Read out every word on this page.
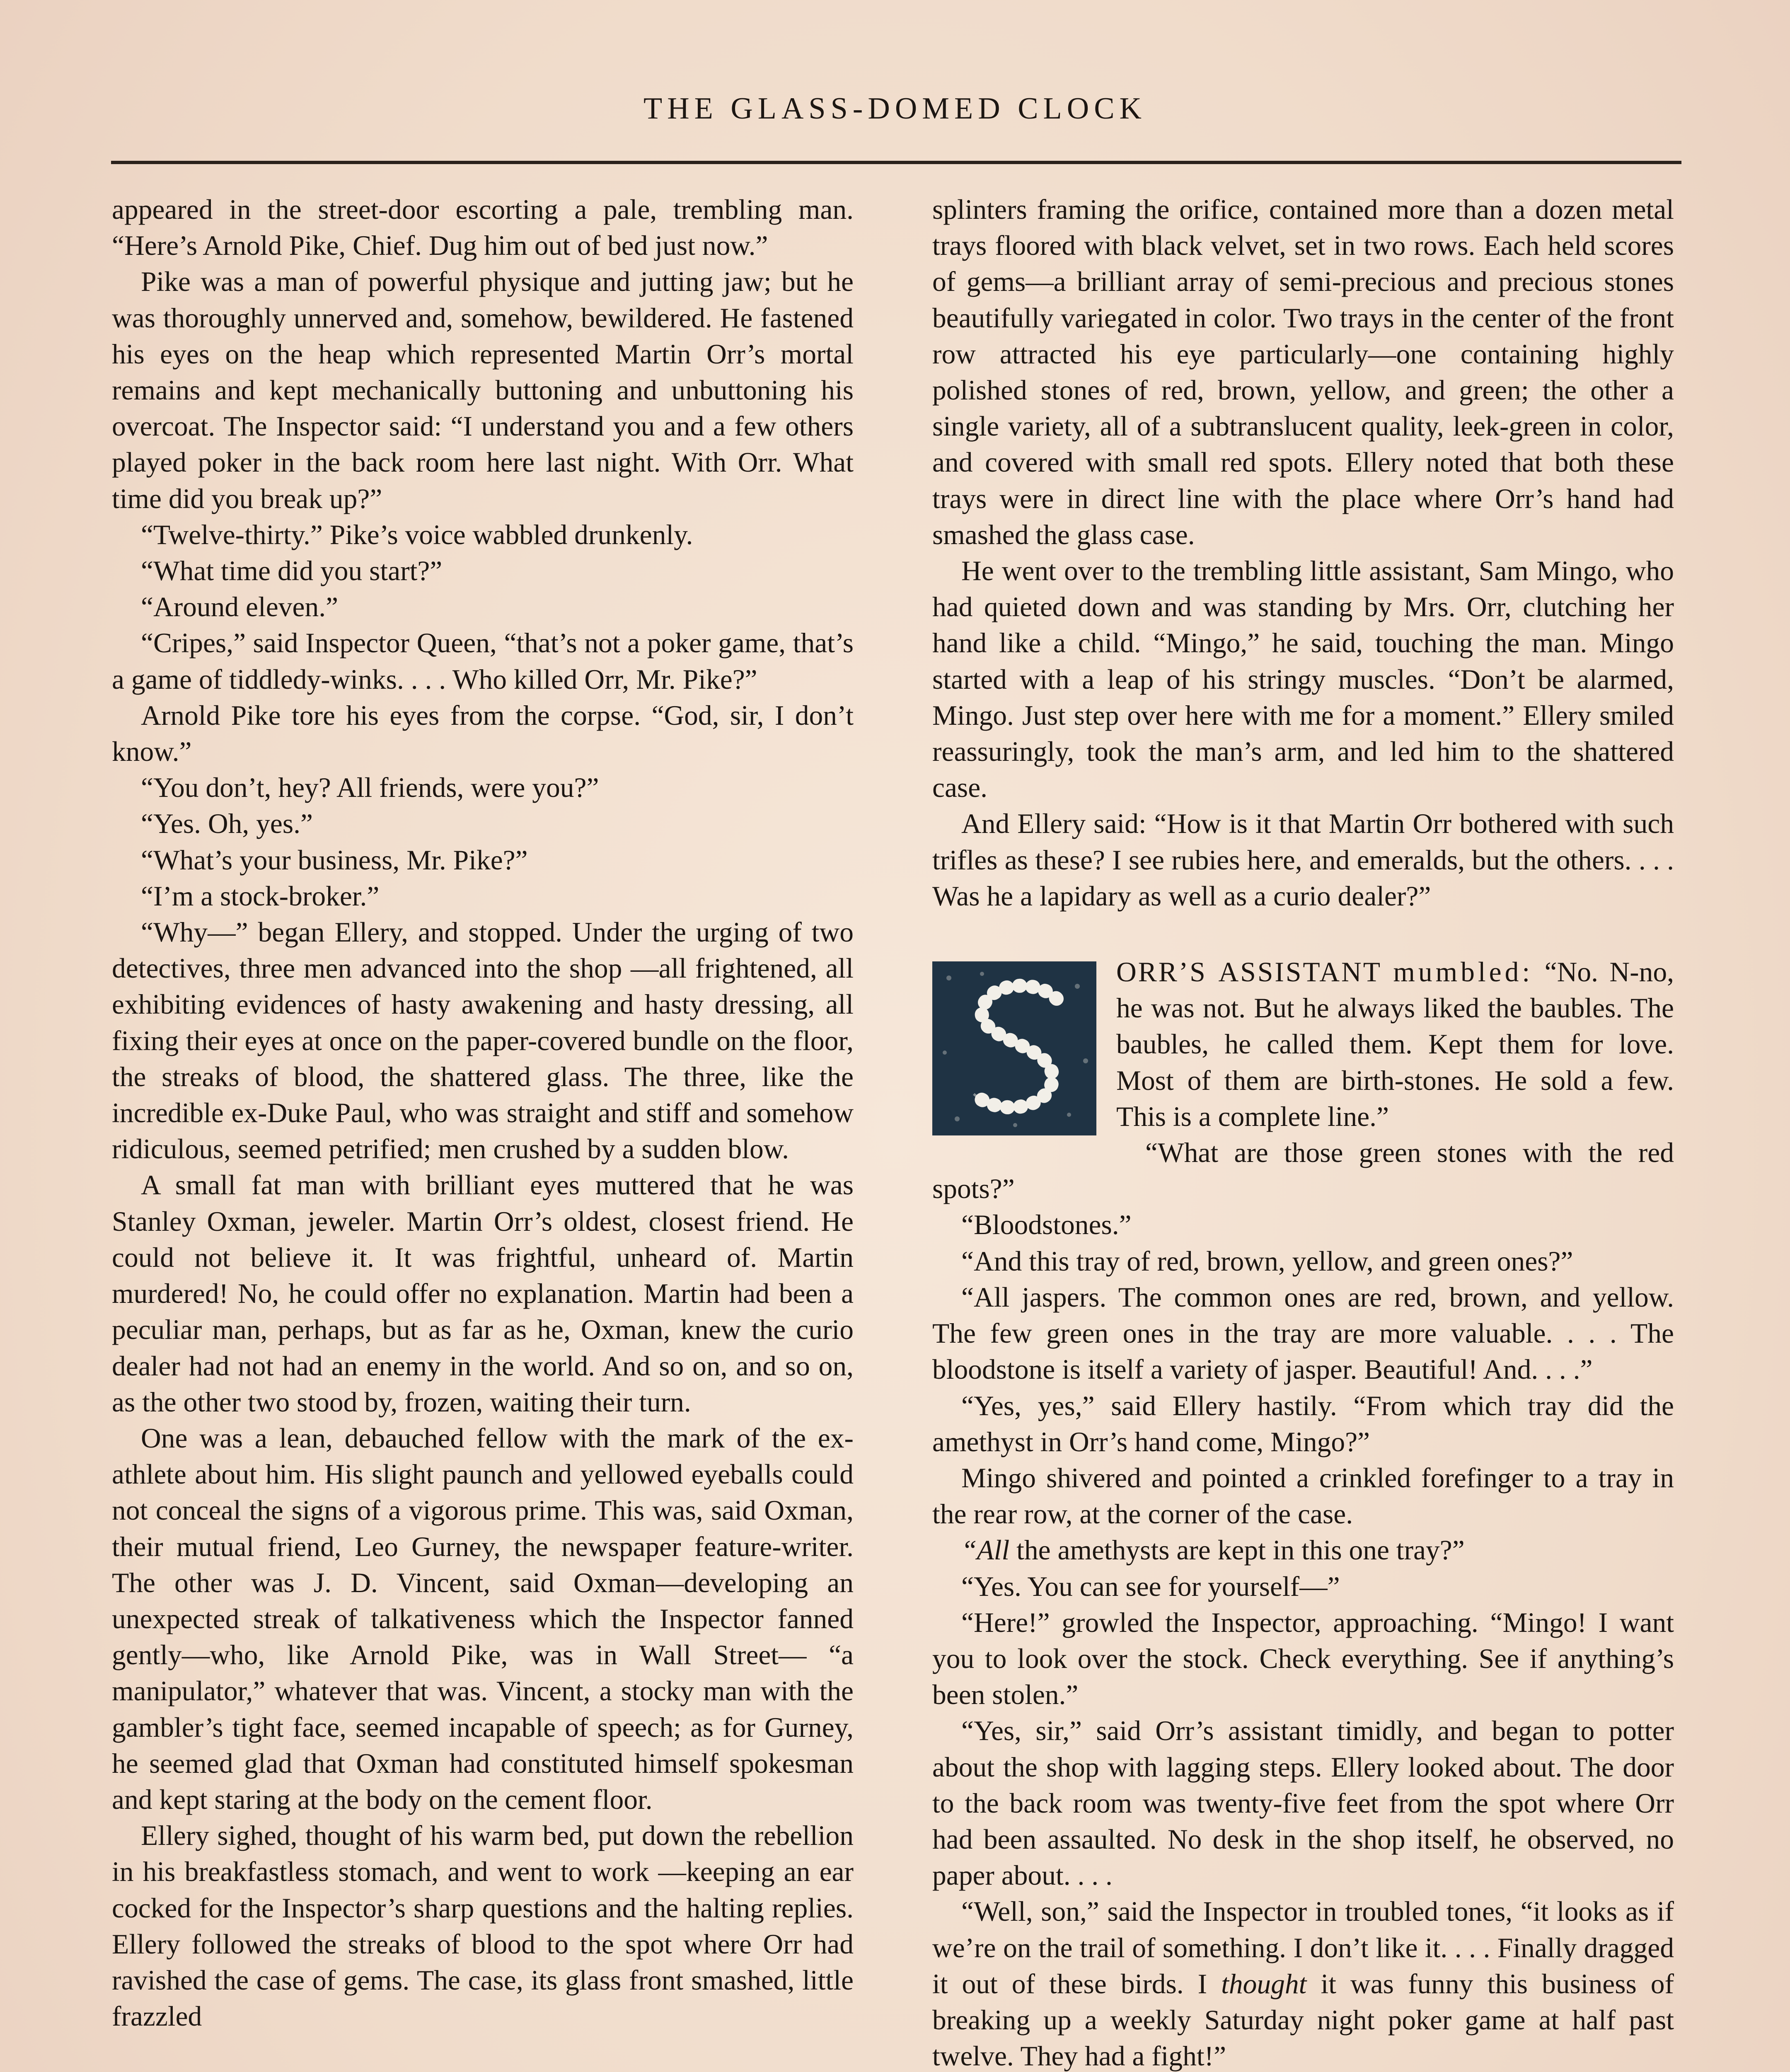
THE GLASS-DOMED CLOCK

appeared in the street-door escorting a pale, trembling man. “Here’s Arnold Pike, Chief. Dug him out of bed just now.”

Pike was a man of powerful physique and jutting jaw; but he was thoroughly unnerved and, somehow, bewildered. He fastened his eyes on the heap which represented Martin Orr’s mortal remains and kept mechanically buttoning and unbuttoning his overcoat. The Inspector said: “I understand you and a few others played poker in the back room here last night. With Orr. What time did you break up?”

“Twelve-thirty.” Pike’s voice wabbled drunkenly.

“What time did you start?”

“Around eleven.”

“Cripes,” said Inspector Queen, “that’s not a poker game, that’s a game of tiddledy-winks. . . . Who killed Orr, Mr. Pike?”

Arnold Pike tore his eyes from the corpse. “God, sir, I don’t know.”

“You don’t, hey? All friends, were you?”

“Yes. Oh, yes.”

“What’s your business, Mr. Pike?”

“I’m a stock-broker.”

“Why—” began Ellery, and stopped. Under the urging of two detectives, three men advanced into the shop —all frightened, all exhibiting evidences of hasty awakening and hasty dressing, all fixing their eyes at once on the paper-covered bundle on the floor, the streaks of blood, the shattered glass. The three, like the incredible ex-Duke Paul, who was straight and stiff and somehow ridiculous, seemed petrified; men crushed by a sudden blow.

A small fat man with brilliant eyes muttered that he was Stanley Oxman, jeweler. Martin Orr’s oldest, closest friend. He could not believe it. It was frightful, unheard of. Martin murdered! No, he could offer no explanation. Martin had been a peculiar man, perhaps, but as far as he, Oxman, knew the curio dealer had not had an enemy in the world. And so on, and so on, as the other two stood by, frozen, waiting their turn.

One was a lean, debauched fellow with the mark of the ex-athlete about him. His slight paunch and yellowed eyeballs could not conceal the signs of a vigorous prime. This was, said Oxman, their mutual friend, Leo Gurney, the newspaper feature-writer. The other was J. D. Vincent, said Oxman—developing an unexpected streak of talkativeness which the Inspector fanned gently—who, like Arnold Pike, was in Wall Street— “a manipulator,” whatever that was. Vincent, a stocky man with the gambler’s tight face, seemed incapable of speech; as for Gurney, he seemed glad that Oxman had constituted himself spokesman and kept staring at the body on the cement floor.

Ellery sighed, thought of his warm bed, put down the rebellion in his breakfastless stomach, and went to work —keeping an ear cocked for the Inspector’s sharp questions and the halting replies. Ellery followed the streaks of blood to the spot where Orr had ravished the case of gems. The case, its glass front smashed, little frazzled

splinters framing the orifice, contained more than a dozen metal trays floored with black velvet, set in two rows. Each held scores of gems—a brilliant array of semi-precious and precious stones beautifully variegated in color. Two trays in the center of the front row attracted his eye particularly—one containing highly polished stones of red, brown, yellow, and green; the other a single variety, all of a subtranslucent quality, leek-green in color, and covered with small red spots. Ellery noted that both these trays were in direct line with the place where Orr’s hand had smashed the glass case.

He went over to the trembling little assistant, Sam Mingo, who had quieted down and was standing by Mrs. Orr, clutching her hand like a child. “Mingo,” he said, touching the man. Mingo started with a leap of his stringy muscles. “Don’t be alarmed, Mingo. Just step over here with me for a moment.” Ellery smiled reassuringly, took the man’s arm, and led him to the shattered case.

And Ellery said: “How is it that Martin Orr bothered with such trifles as these? I see rubies here, and emeralds, but the others. . . . Was he a lapidary as well as a curio dealer?”

ORR’S ASSISTANT mumbled: “No. N-no, he was not. But he always liked the baubles. The baubles, he called them. Kept them for love. Most of them are birth-stones. He sold a few. This is a complete line.”

“What are those green stones with the red spots?”

“Bloodstones.”

“And this tray of red, brown, yellow, and green ones?”

“All jaspers. The common ones are red, brown, and yellow. The few green ones in the tray are more valuable. . . . The bloodstone is itself a variety of jasper. Beautiful! And. . . .”

“Yes, yes,” said Ellery hastily. “From which tray did the amethyst in Orr’s hand come, Mingo?”

Mingo shivered and pointed a crinkled forefinger to a tray in the rear row, at the corner of the case.

“All the amethysts are kept in this one tray?”

“Yes. You can see for yourself—”

“Here!” growled the Inspector, approaching. “Mingo! I want you to look over the stock. Check everything. See if anything’s been stolen.”

“Yes, sir,” said Orr’s assistant timidly, and began to potter about the shop with lagging steps. Ellery looked about. The door to the back room was twenty-five feet from the spot where Orr had been assaulted. No desk in the shop itself, he observed, no paper about. . . .

“Well, son,” said the Inspector in troubled tones, “it looks as if we’re on the trail of something. I don’t like it. . . . Finally dragged it out of these birds. I thought it was funny this business of breaking up a weekly Saturday night poker game at half past twelve. They had a fight!”
